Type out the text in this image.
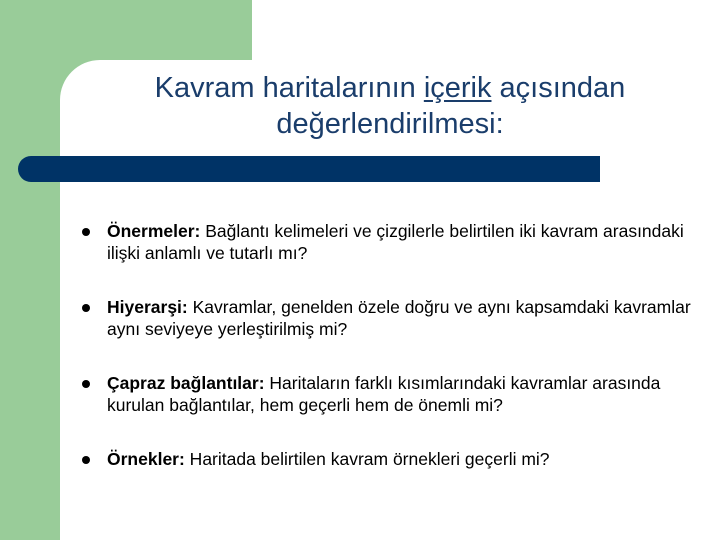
Kavram haritalarının içerik açısından
değerlendirilmesi:
Önermeler: Bağlantı kelimeleri ve çizgilerle belirtilen iki kavram arasındaki ilişki anlamlı ve tutarlı mı?
Hiyerarşi: Kavramlar, genelden özele doğru ve aynı kapsamdaki kavramlar aynı seviyeye yerleştirilmiş mi?
Çapraz bağlantılar: Haritaların farklı kısımlarındaki kavramlar arasında kurulan bağlantılar, hem geçerli hem de önemli mi?
Örnekler: Haritada belirtilen kavram örnekleri geçerli mi?
